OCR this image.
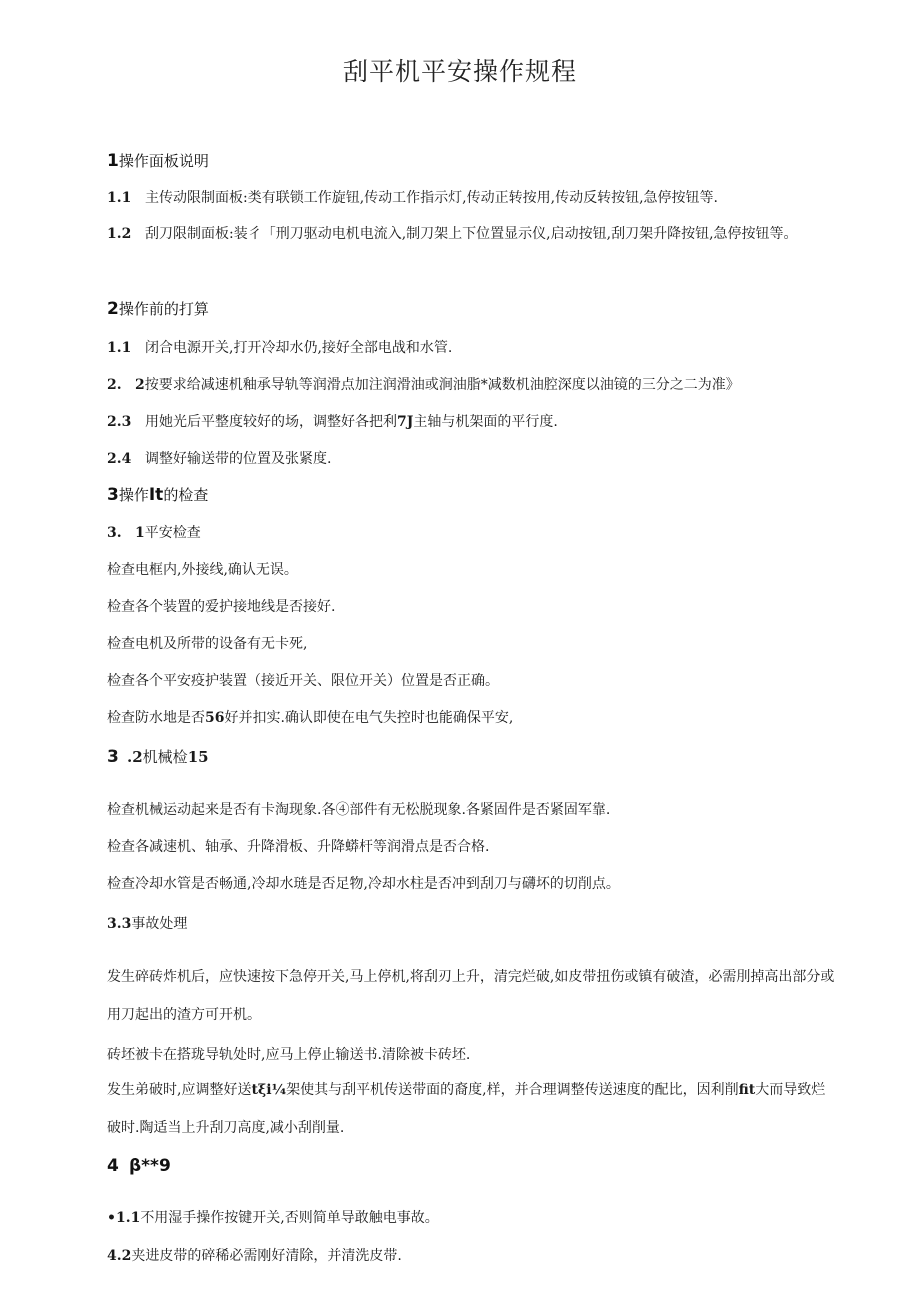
刮平机平安操作规程
1操作面板说明
1.1 主传动限制面板:类有联锁工作旋钮,传动工作指示灯,传动正转按用,传动反转按钮,急停按钮等.
1.2 刮刀限制面板:装彳「刑刀驱动电机电流入,制刀架上下位置显示仪,启动按钮,刮刀架升降按钮,急停按钮等。
2操作前的打算
1.1 闭合电源开关,打开冷却水仍,接好全部电战和水管.
2. 2按要求给减速机釉承导轨等润滑点加注润滑油或涧油脂*减数机油腔深度以油镜的三分之二为准》
2.3 用她光后平整度较好的场，调整好各把利7J主轴与机架面的平行度.
2.4 调整好输送带的位置及张紧度.
3操作It的检查
3. 1平安检查
检查电框内,外接线,确认无误。
检查各个装置的爱护接地线是否接好.
检查电机及所带的设备有无卡死,
检查各个平安疫护装置（接近开关、限位开关）位置是否正确。
检查防水地是否56好并扣实.确认即使在电气失控时也能确保平安,
3 .2机械检15
检查机械运动起来是否有卡淘现象.各④部件有无松脱现象.各紧固件是否紧固军靠.
检查各减速机、轴承、升降滑板、升降蟒杆等润滑点是否合格.
检查冷却水管是否畅通,冷却水琏是否足物,冷却水柱是否冲到刮刀与礴坏的切削点。
3.3事故处理
发生碎砖炸机后，应快速按下急停开关,马上停机,将刮刃上升，清完烂破,如皮带扭伤或镇有破渣，必需刖掉高出部分或用刀起出的渣方可开机。
砖坯被卡在搭珑导轨处时,应马上停止输送书.清除被卡砖坯.
发生弟破时,应调整好送tξi¼架使其与刮平机传送带面的裔度,样，并合理调整传送速度的配比，因利削fit大而导致烂破时.陶适当上升刮刀高度,减小刮削量.
4 β**9
•1.1不用湿手操作按键开关,否则简单导敢触电事故。
4.2夹进皮带的碎稀必需刚好清除，并清洗皮带.
